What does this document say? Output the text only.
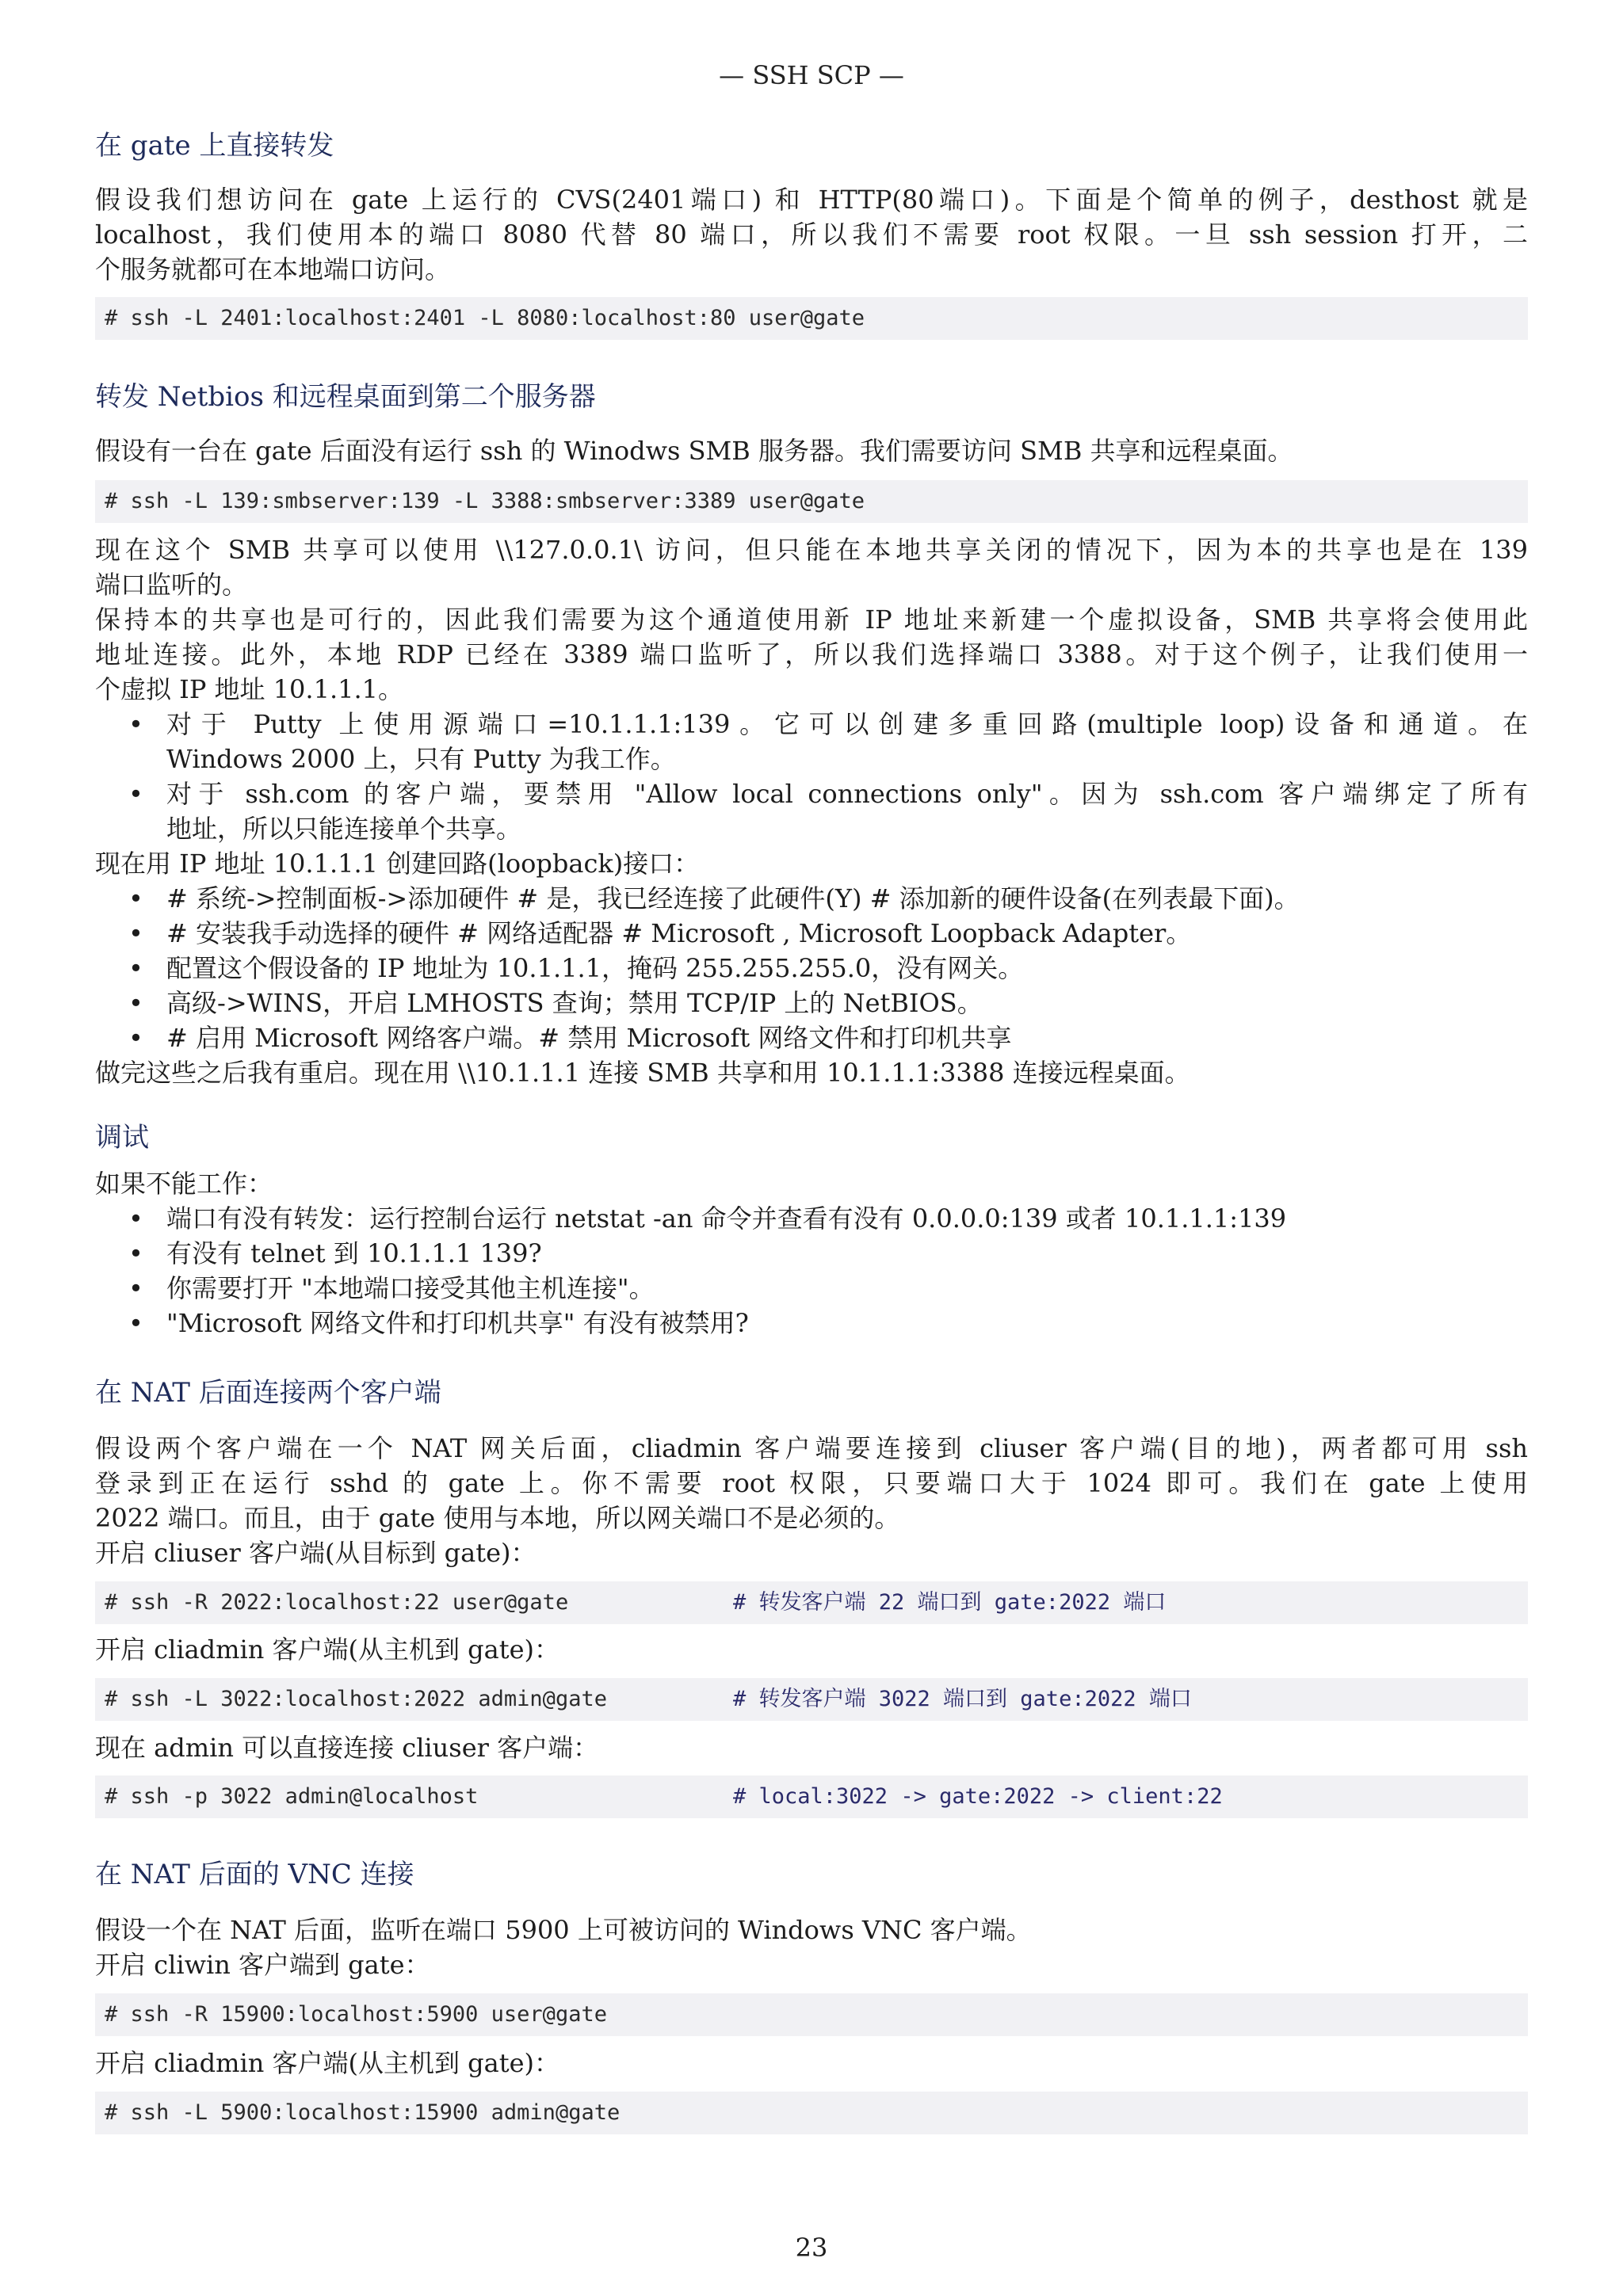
— SSH SCP —
在 gate 上直接转发
假设我们想访问在 gate 上运行的 CVS(2401端口) 和 HTTP(80端口)。下面是个简单的例子，desthost 就是
localhost，我们使用本的端口 8080 代替 80 端口，所以我们不需要 root 权限。一旦 ssh session 打开，二
个服务就都可在本地端口访问。
# ssh -L 2401:localhost:2401 -L 8080:localhost:80 user@gate
转发 Netbios 和远程桌面到第二个服务器
假设有一台在 gate 后面没有运行 ssh 的 Winodws SMB 服务器。我们需要访问 SMB 共享和远程桌面。
# ssh -L 139:smbserver:139 -L 3388:smbserver:3389 user@gate
现在这个 SMB 共享可以使用 \\127.0.0.1\ 访问，但只能在本地共享关闭的情况下，因为本的共享也是在 139
端口监听的。
保持本的共享也是可行的，因此我们需要为这个通道使用新 IP 地址来新建一个虚拟设备，SMB 共享将会使用此
地址连接。此外，本地 RDP 已经在 3389 端口监听了，所以我们选择端口 3388。对于这个例子，让我们使用一
个虚拟 IP 地址 10.1.1.1。
• 对于 Putty 上使用源端口=10.1.1.1:139。它可以创建多重回路(multiple loop)设备和通道。在
Windows 2000 上，只有 Putty 为我工作。
• 对于 ssh.com 的客户端，要禁用 "Allow local connections only"。因为 ssh.com 客户端绑定了所有
地址，所以只能连接单个共享。
现在用 IP 地址 10.1.1.1 创建回路(loopback)接口：
• # 系统->控制面板->添加硬件 # 是，我已经连接了此硬件(Y) # 添加新的硬件设备(在列表最下面)。
• # 安装我手动选择的硬件 # 网络适配器 # Microsoft , Microsoft Loopback Adapter。
• 配置这个假设备的 IP 地址为 10.1.1.1，掩码 255.255.255.0，没有网关。
• 高级->WINS，开启 LMHOSTS 查询；禁用 TCP/IP 上的 NetBIOS。
• # 启用 Microsoft 网络客户端。# 禁用 Microsoft 网络文件和打印机共享
做完这些之后我有重启。现在用 \\10.1.1.1 连接 SMB 共享和用 10.1.1.1:3388 连接远程桌面。
调试
如果不能工作：
• 端口有没有转发：运行控制台运行 netstat -an 命令并查看有没有 0.0.0.0:139 或者 10.1.1.1:139
• 有没有 telnet 到 10.1.1.1 139?
• 你需要打开 "本地端口接受其他主机连接"。
• "Microsoft 网络文件和打印机共享" 有没有被禁用?
在 NAT 后面连接两个客户端
假设两个客户端在一个 NAT 网关后面，cliadmin 客户端要连接到 cliuser 客户端(目的地)，两者都可用 ssh
登录到正在运行 sshd 的 gate 上。你不需要 root 权限，只要端口大于 1024 即可。我们在 gate 上使用
2022 端口。而且，由于 gate 使用与本地，所以网关端口不是必须的。
开启 cliuser 客户端(从目标到 gate)：
# ssh -R 2022:localhost:22 user@gate	# 转发客户端 22 端口到 gate:2022 端口
开启 cliadmin 客户端(从主机到 gate)：
# ssh -L 3022:localhost:2022 admin@gate	# 转发客户端 3022 端口到 gate:2022 端口
现在 admin 可以直接连接 cliuser 客户端：
# ssh -p 3022 admin@localhost	# local:3022 -> gate:2022 -> client:22
在 NAT 后面的 VNC 连接
假设一个在 NAT 后面，监听在端口 5900 上可被访问的 Windows VNC 客户端。
开启 cliwin 客户端到 gate：
# ssh -R 15900:localhost:5900 user@gate
开启 cliadmin 客户端(从主机到 gate)：
# ssh -L 5900:localhost:15900 admin@gate
23
